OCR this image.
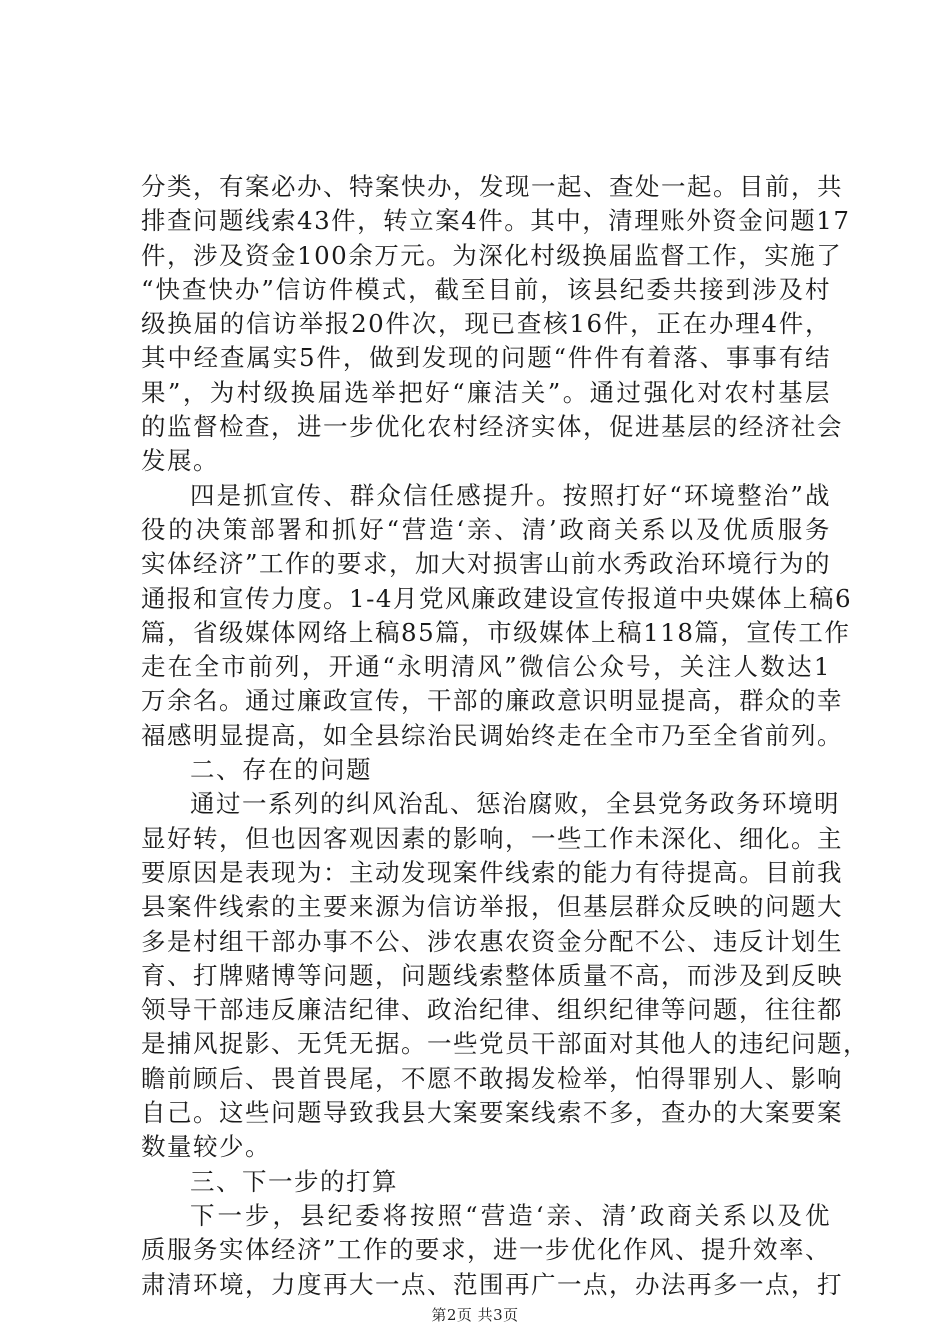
分类，有案必办、特案快办，发现一起、查处一起。目前，共
排查问题线索43件，转立案4件。其中，清理账外资金问题17
件，涉及资金100余万元。为深化村级换届监督工作，实施了
“快查快办”信访件模式，截至目前，该县纪委共接到涉及村
级换届的信访举报20件次，现已查核16件，正在办理4件，
其中经查属实5件，做到发现的问题“件件有着落、事事有结
果”，为村级换届选举把好“廉洁关”。通过强化对农村基层
的监督检查，进一步优化农村经济实体，促进基层的经济社会
发展。
四是抓宣传、群众信任感提升。按照打好“环境整治”战
役的决策部署和抓好“营造‘亲、清’政商关系以及优质服务
实体经济”工作的要求，加大对损害山前水秀政治环境行为的
通报和宣传力度。1-4月党风廉政建设宣传报道中央媒体上稿6
篇，省级媒体网络上稿85篇，市级媒体上稿118篇，宣传工作
走在全市前列，开通“永明清风”微信公众号，关注人数达1
万余名。通过廉政宣传，干部的廉政意识明显提高，群众的幸
福感明显提高，如全县综治民调始终走在全市乃至全省前列。
二、存在的问题
通过一系列的纠风治乱、惩治腐败，全县党务政务环境明
显好转，但也因客观因素的影响，一些工作未深化、细化。主
要原因是表现为：主动发现案件线索的能力有待提高。目前我
县案件线索的主要来源为信访举报，但基层群众反映的问题大
多是村组干部办事不公、涉农惠农资金分配不公、违反计划生
育、打牌赌博等问题，问题线索整体质量不高，而涉及到反映
领导干部违反廉洁纪律、政治纪律、组织纪律等问题，往往都
是捕风捉影、无凭无据。一些党员干部面对其他人的违纪问题，
瞻前顾后、畏首畏尾，不愿不敢揭发检举，怕得罪别人、影响
自己。这些问题导致我县大案要案线索不多，查办的大案要案
数量较少。
三、下一步的打算
下一步，县纪委将按照“营造‘亲、清’政商关系以及优
质服务实体经济”工作的要求，进一步优化作风、提升效率、
肃清环境，力度再大一点、范围再广一点，办法再多一点，打
第2页 共3页
